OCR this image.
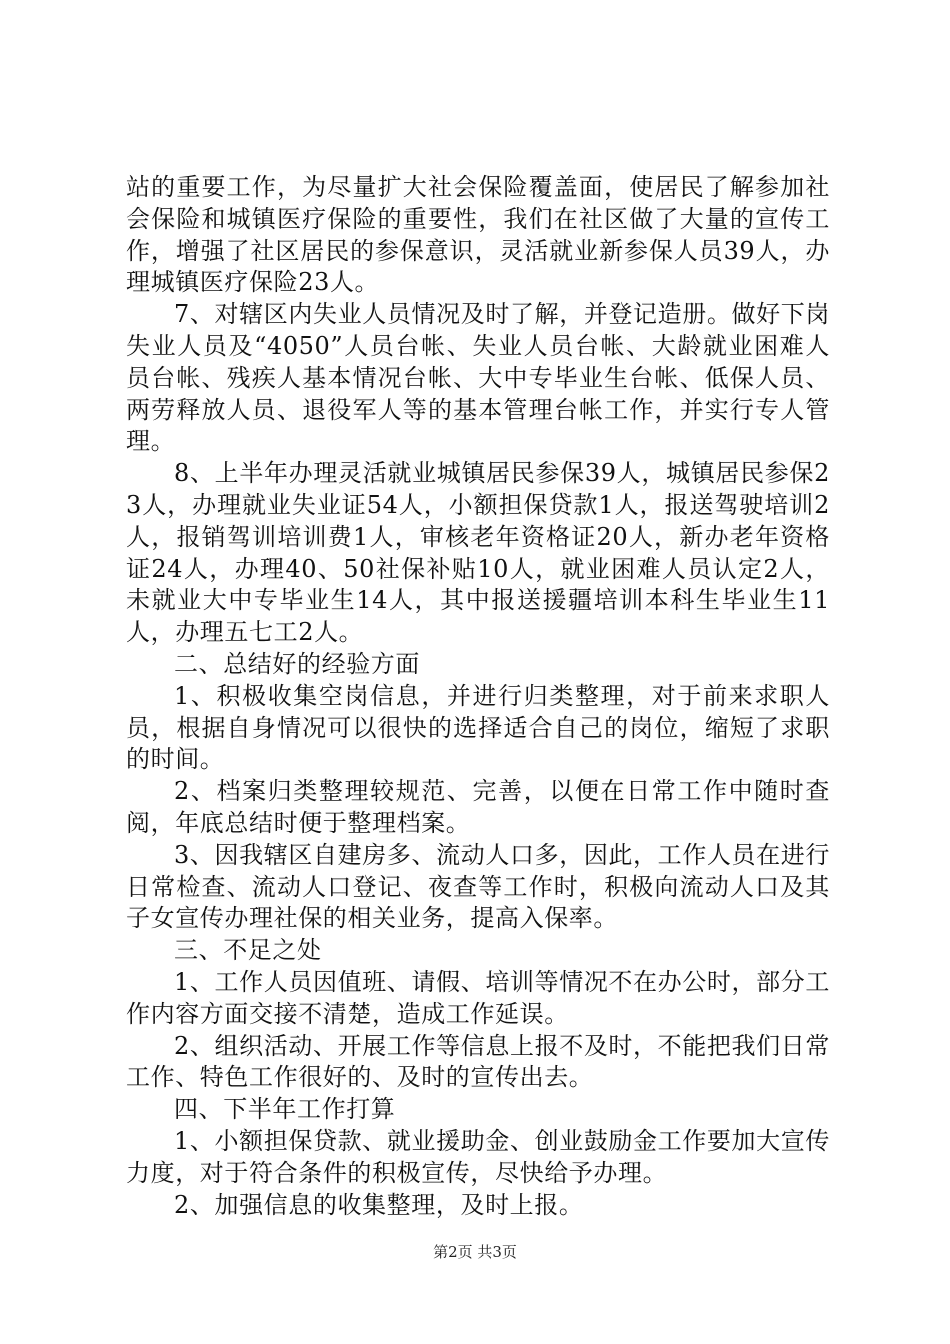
站的重要工作，为尽量扩大社会保险覆盖面，使居民了解参加社会保险和城镇医疗保险的重要性，我们在社区做了大量的宣传工作，增强了社区居民的参保意识，灵活就业新参保人员39人，办理城镇医疗保险23人。

7、对辖区内失业人员情况及时了解，并登记造册。做好下岗失业人员及“4050”人员台帐、失业人员台帐、大龄就业困难人员台帐、残疾人基本情况台帐、大中专毕业生台帐、低保人员、两劳释放人员、退役军人等的基本管理台帐工作，并实行专人管理。

8、上半年办理灵活就业城镇居民参保39人，城镇居民参保23人，办理就业失业证54人，小额担保贷款1人，报送驾驶培训2人，报销驾训培训费1人，审核老年资格证20人，新办老年资格证24人，办理40、50社保补贴10人，就业困难人员认定2人，未就业大中专毕业生14人，其中报送援疆培训本科生毕业生11人，办理五七工2人。

二、总结好的经验方面

1、积极收集空岗信息，并进行归类整理，对于前来求职人员，根据自身情况可以很快的选择适合自己的岗位，缩短了求职的时间。

2、档案归类整理较规范、完善，以便在日常工作中随时查阅，年底总结时便于整理档案。

3、因我辖区自建房多、流动人口多，因此，工作人员在进行日常检查、流动人口登记、夜查等工作时，积极向流动人口及其子女宣传办理社保的相关业务，提高入保率。

三、不足之处

1、工作人员因值班、请假、培训等情况不在办公时，部分工作内容方面交接不清楚，造成工作延误。

2、组织活动、开展工作等信息上报不及时，不能把我们日常工作、特色工作很好的、及时的宣传出去。

四、下半年工作打算

1、小额担保贷款、就业援助金、创业鼓励金工作要加大宣传力度，对于符合条件的积极宣传，尽快给予办理。

2、加强信息的收集整理，及时上报。

第2页 共3页
